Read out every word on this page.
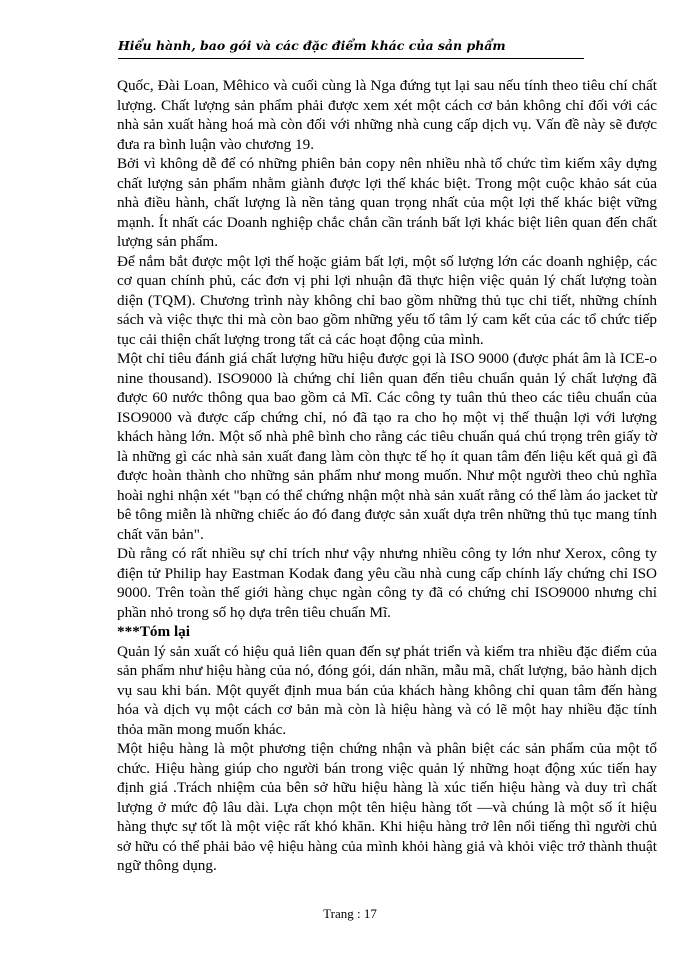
Hiểu hành, bao gói và các đặc điểm khác của sản phẩm

Quốc, Đài Loan, Mêhico và cuối cùng là Nga đứng tụt lại sau nếu tính theo tiêu chí chất lượng. Chất lượng sản phẩm phải được xem xét một cách cơ bản không chỉ đối với các nhà sản xuất hàng hoá mà còn đối với những nhà cung cấp dịch vụ. Vấn đề này sẽ được đưa ra bình luận vào chương 19.

Bởi vì không dễ để có những phiên bản copy nên nhiều nhà tổ chức tìm kiếm xây dựng chất lượng sản phẩm nhằm giành được lợi thế khác biệt. Trong một cuộc khảo sát của nhà điều hành, chất lượng là nền tảng quan trọng nhất của một lợi thế khác biệt vững mạnh. Ít nhất các Doanh nghiệp chắc chắn cần tránh bất lợi khác biệt liên quan đến chất lượng sản phẩm.

Để nắm bắt được một lợi thế hoặc giảm bất lợi, một số lượng lớn các doanh nghiệp, các cơ quan chính phủ, các đơn vị phi lợi nhuận đã thực hiện việc quản lý chất lượng toàn diện (TQM). Chương trình này không chỉ bao gồm những thủ tục chi tiết, những chính sách và việc thực thi mà còn bao gồm những yếu tố tâm lý cam kết của các tổ chức tiếp tục cải thiện chất lượng trong tất cả các hoạt động của mình.

Một chỉ tiêu đánh giá chất lượng hữu hiệu được gọi là ISO 9000 (được phát âm là ICE-o nine thousand). ISO9000 là chứng chỉ liên quan đến tiêu chuẩn quản lý chất lượng đã được 60 nước thông qua bao gồm cả Mĩ. Các công ty tuân thủ theo các tiêu chuẩn của ISO9000 và được cấp chứng chỉ, nó đã tạo ra cho họ một vị thế thuận lợi với lượng khách hàng lớn. Một số nhà phê bình cho rằng các tiêu chuẩn quá chú trọng trên giấy tờ là những gì các nhà sản xuất đang làm còn thực tế họ ít quan tâm đến liệu kết quả gì đã được hoàn thành cho những sản phẩm như mong muốn. Như một người theo chủ nghĩa hoài nghi nhận xét "bạn có thể chứng nhận một nhà sản xuất rằng có thể làm áo jacket từ bê tông miễn là những chiếc áo đó đang được sản xuất dựa trên những thủ tục mang tính chất văn bản".

Dù rằng có rất nhiều sự chỉ trích như vậy nhưng nhiều công ty lớn như Xerox, công ty điện tử Philip hay Eastman Kodak đang yêu cầu nhà cung cấp chính lấy chứng chỉ ISO 9000. Trên toàn thế giới hàng chục ngàn công ty đã có chứng chỉ ISO9000 nhưng chỉ phần nhỏ trong số họ dựa trên tiêu chuẩn Mĩ.

***Tóm lại

Quản lý sản xuất có hiệu quả liên quan đến sự phát triển và kiểm tra nhiều đặc điểm của sản phẩm như hiệu hàng của nó, đóng gói, dán nhãn, mẫu mã, chất lượng, bảo hành dịch vụ sau khi bán. Một quyết định mua bán của khách hàng không chỉ quan tâm đến hàng hóa và dịch vụ một cách cơ bản mà còn là hiệu hàng và có lẽ một hay nhiều đặc tính thỏa mãn mong muốn khác.

Một hiệu hàng là một phương tiện chứng nhận và phân biệt các sản phẩm của một tổ chức. Hiệu hàng giúp cho người bán trong việc quản lý những hoạt động xúc tiến hay định giá .Trách nhiệm của bên sở hữu hiệu hàng là xúc tiến hiệu hàng và duy trì chất lượng ở mức độ lâu dài. Lựa chọn một tên hiệu hàng tốt —và chúng là một số ít hiệu hàng thực sự tốt là một việc rất khó khăn. Khi hiệu hàng trở lên nổi tiếng thì người chủ sở hữu có thể phải bảo vệ hiệu hàng của mình khỏi hàng giả và khỏi việc trở thành thuật ngữ thông dụng.

Trang : 17
